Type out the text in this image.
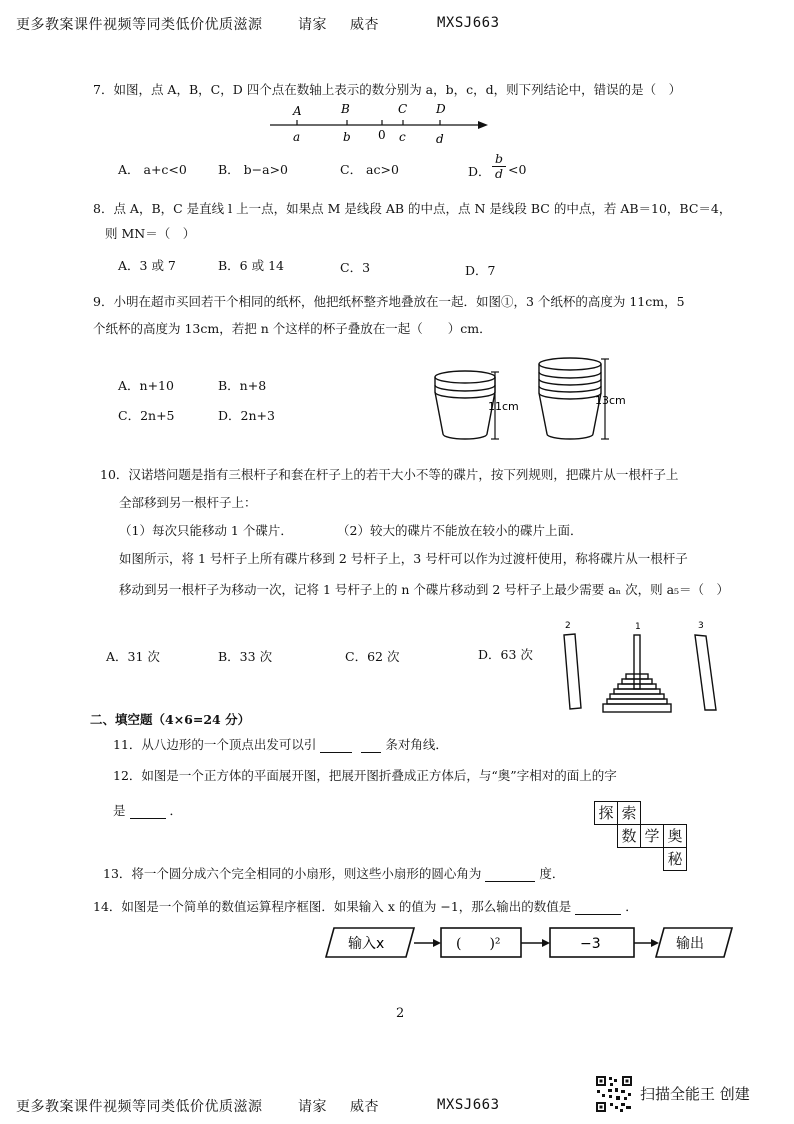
更多教案课件视频等同类低价优质滋源	请家 威杏	MXSJ663
7．如图，点 A，B，C，D 四个点在数轴上表示的数分别为 a，b，c，d，则下列结论中，错误的是（　）
A	B	C D
a	b 0 c	d
A． a+c<0 B． b−a>0	C． ac>0	D．
b
d <0
8．点 A，B，C 是直线 l 上一点，如果点 M 是线段 AB 的中点，点 N 是线段 BC 的中点，若 AB＝10，BC＝4，
则 MN＝（　）
A．3 或 7	B．6 或 14	C．3	D．7
9．小明在超市买回若干个相同的纸杯，他把纸杯整齐地叠放在一起．如图①，3 个纸杯的高度为 11cm，5
个纸杯的高度为 13cm，若把 n 个这样的杯子叠放在一起（　　）cm．
A．n+10	B．n+8
C．2n+5	D．2n+3
11cm	13cm
10．汉诺塔问题是指有三根杆子和套在杆子上的若干大小不等的碟片，按下列规则，把碟片从一根杆子上
全部移到另一根杆子上：
（1）每次只能移动 1 个碟片．	（2）较大的碟片不能放在较小的碟片上面．
如图所示，将 1 号杆子上所有碟片移到 2 号杆子上，3 号杆可以作为过渡杆使用，称将碟片从一根杆子
移动到另一根杆子为移动一次，记将 1 号杆子上的 n 个碟片移动到 2 号杆子上最少需要 aₙ 次，则 a₅＝（　）
A．31 次	B．33 次	C．62 次	D．63 次
2	1	3
二、填空题（4×6=24 分）
11．从八边形的一个顶点出发可以引	条对角线．
12．如图是一个正方体的平面展开图，把展开图折叠成正方体后，与“奥”字相对的面上的字
是	．	探 索
数 学 奥
秘
13．将一个圆分成六个完全相同的小扇形，则这些小扇形的圆心角为	度．
14．如图是一个简单的数值运算程序框图．如果输入 x 的值为 −1，那么输出的数值是	．
输入x	(　　)²	−3	输出
2
更多教案课件视频等同类低价优质滋源	请家 威杏	MXSJ663
扫描全能王 创建
